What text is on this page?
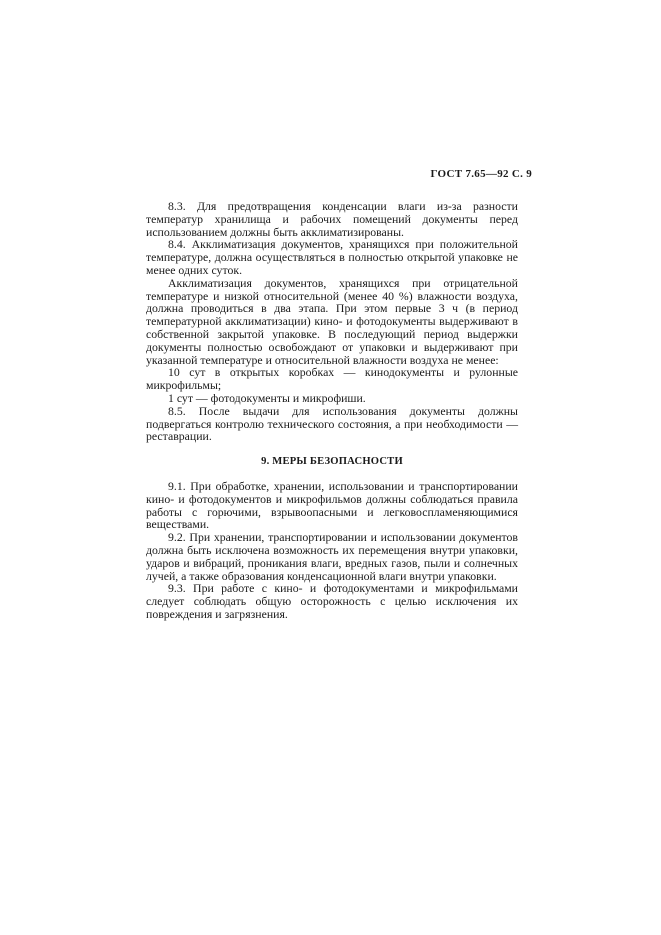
ГОСТ 7.65—92 С. 9

8.3. Для предотвращения конденсации влаги из-за разности температур хранилища и рабочих помещений документы перед использованием должны быть акклиматизированы.

8.4. Акклиматизация документов, хранящихся при положительной температуре, должна осуществляться в полностью открытой упаковке не менее одних суток.

Акклиматизация документов, хранящихся при отрицательной температуре и низкой относительной (менее 40 %) влажности воздуха, должна проводиться в два этапа. При этом первые 3 ч (в период температурной акклиматизации) кино- и фотодокументы выдерживают в собственной закрытой упаковке. В последующий период выдержки документы полностью освобождают от упаковки и выдерживают при указанной температуре и относительной влажности воздуха не менее:

10 сут в открытых коробках — кинодокументы и рулонные микрофильмы;

1 сут — фотодокументы и микрофиши.

8.5. После выдачи для использования документы должны подвергаться контролю технического состояния, а при необходимости — реставрации.

9. МЕРЫ БЕЗОПАСНОСТИ

9.1. При обработке, хранении, использовании и транспортировании кино- и фотодокументов и микрофильмов должны соблюдаться правила работы с горючими, взрывоопасными и легковоспламеняющимися веществами.

9.2. При хранении, транспортировании и использовании документов должна быть исключена возможность их перемещения внутри упаковки, ударов и вибраций, проникания влаги, вредных газов, пыли и солнечных лучей, а также образования конденсационной влаги внутри упаковки.

9.3. При работе с кино- и фотодокументами и микрофильмами следует соблюдать общую осторожность с целью исключения их повреждения и загрязнения.
